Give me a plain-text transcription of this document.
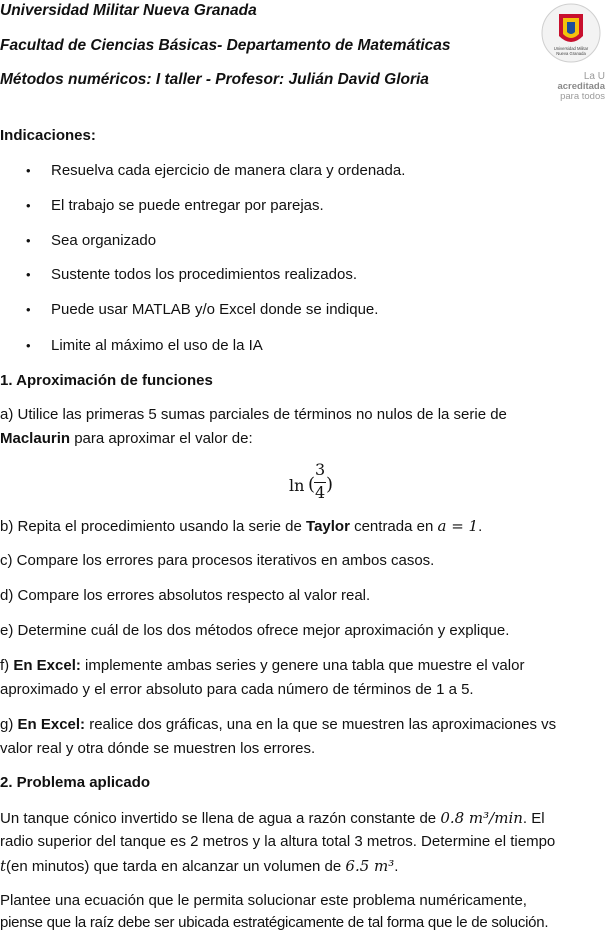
Universidad Militar Nueva Granada
Facultad de Ciencias Básicas- Departamento de Matemáticas
Métodos numéricos: I taller - Profesor: Julián David Gloria
Universidad Militar
Nueva Granada
La U
acreditada
para todos
Indicaciones:
• Resuelva cada ejercicio de manera clara y ordenada.
• El trabajo se puede entregar por parejas.
• Sea organizado
• Sustente todos los procedimientos realizados.
• Puede usar MATLAB y/o Excel donde se indique.
• Limite al máximo el uso de la IA
1. Aproximación de funciones
a) Utilice las primeras 5 sumas parciales de términos no nulos de la serie de
Maclaurin para aproximar el valor de:
ln (
3
4 )
b) Repita el procedimiento usando la serie de Taylor centrada en a = 1.
c) Compare los errores para procesos iterativos en ambos casos.
d) Compare los errores absolutos respecto al valor real.
e) Determine cuál de los dos métodos ofrece mejor aproximación y explique.
f) En Excel: implemente ambas series y genere una tabla que muestre el valor
aproximado y el error absoluto para cada número de términos de 1 a 5.
g) En Excel: realice dos gráficas, una en la que se muestren las aproximaciones vs
valor real y otra dónde se muestren los errores.
2. Problema aplicado
Un tanque cónico invertido se llena de agua a razón constante de 0.8 m³/min. El
radio superior del tanque es 2 metros y la altura total 3 metros. Determine el tiempo
t(en minutos) que tarda en alcanzar un volumen de 6.5 m³.
Plantee una ecuación que le permita solucionar este problema numéricamente,
piense que la raíz debe ser ubicada estratégicamente de tal forma que le de solución.
